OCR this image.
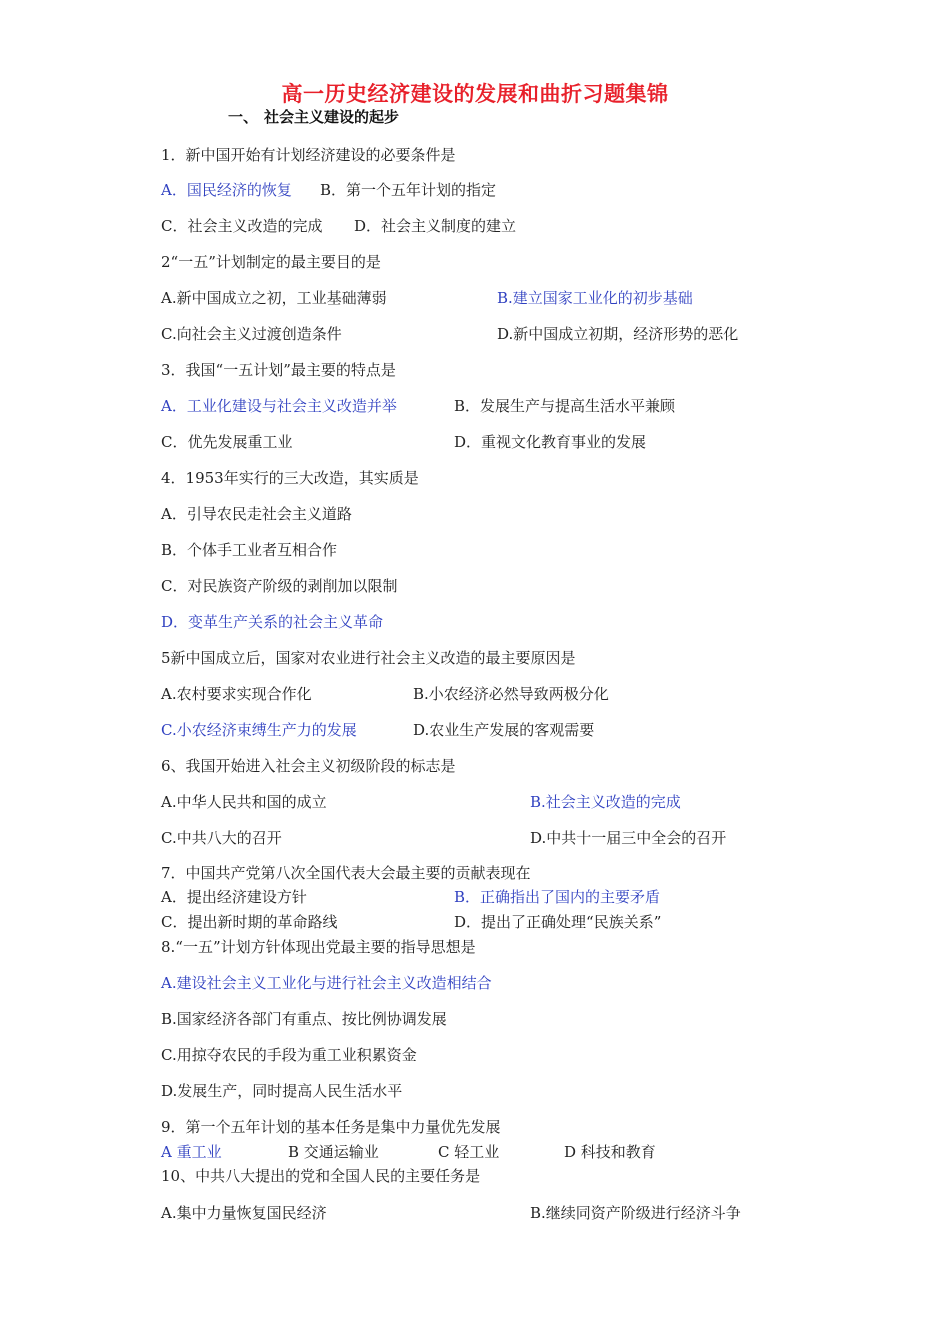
高一历史经济建设的发展和曲折习题集锦
一、 社会主义建设的起步
1．新中国开始有计划经济建设的必要条件是
A．国民经济的恢复 B．第一个五年计划的指定
C．社会主义改造的完成 D．社会主义制度的建立
2“一五”计划制定的最主要目的是
A.新中国成立之初，工业基础薄弱	B.建立国家工业化的初步基础
C.向社会主义过渡创造条件	D.新中国成立初期，经济形势的恶化
3．我国“一五计划”最主要的特点是
A．工业化建设与社会主义改造并举	B．发展生产与提高生活水平兼顾
C．优先发展重工业	D．重视文化教育事业的发展
4．1953年实行的三大改造，其实质是
A．引导农民走社会主义道路
B．个体手工业者互相合作
C．对民族资产阶级的剥削加以限制
D．变革生产关系的社会主义革命
5新中国成立后，国家对农业进行社会主义改造的最主要原因是
A.农村要求实现合作化	B.小农经济必然导致两极分化
C.小农经济束缚生产力的发展	D.农业生产发展的客观需要
6、我国开始进入社会主义初级阶段的标志是
A.中华人民共和国的成立	B.社会主义改造的完成
C.中共八大的召开	D.中共十一届三中全会的召开
7．中国共产党第八次全国代表大会最主要的贡献表现在
A．提出经济建设方针	B．正确指出了国内的主要矛盾
C．提出新时期的革命路线	D．提出了正确处理“民族关系”
8.“一五”计划方针体现出党最主要的指导思想是
A.建设社会主义工业化与进行社会主义改造相结合
B.国家经济各部门有重点、按比例协调发展
C.用掠夺农民的手段为重工业积累资金
D.发展生产，同时提高人民生活水平
9．第一个五年计划的基本任务是集中力量优先发展
A 重工业	B 交通运输业	C 轻工业	D 科技和教育
10、中共八大提出的党和全国人民的主要任务是
A.集中力量恢复国民经济	B.继续同资产阶级进行经济斗争
